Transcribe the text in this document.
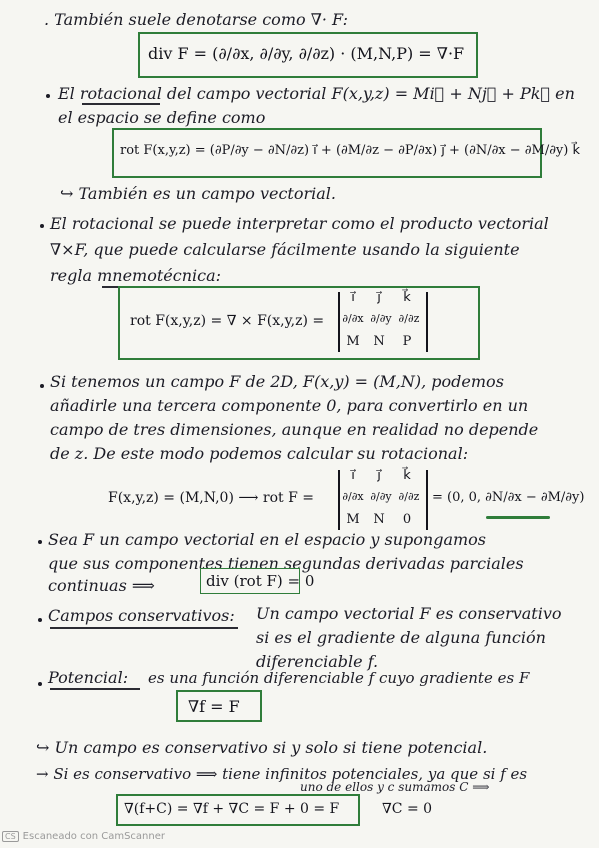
. También suele denotarse como ∇· F:
div F = (∂/∂x, ∂/∂y, ∂/∂z) · (M,N,P) = ∇·F
El rotacional del campo vectorial F(x,y,z) = Mi⃗ + Nj⃗ + Pk⃗ en
el espacio se define como
rot F(x,y,z) = (∂P/∂y − ∂N/∂z) i⃗ + (∂M/∂z − ∂P/∂x) j⃗ + (∂N/∂x − ∂M/∂y) k⃗
↪ También es un campo vectorial.
El rotacional se puede interpretar como el producto vectorial
∇×F, que puede calcularse fácilmente usando la siguiente
regla mnemotécnica:
rot F(x,y,z) = ∇ × F(x,y,z) =
i⃗	j⃗	k⃗
∂/∂x ∂/∂y ∂/∂z
M	N	P
Si tenemos un campo F de 2D, F(x,y) = (M,N), podemos
añadirle una tercera componente 0, para convertirlo en un
campo de tres dimensiones, aunque en realidad no depende
de z. De este modo podemos calcular su rotacional:
F(x,y,z) = (M,N,0) ⟶ rot F =
i⃗	j⃗	k⃗
∂/∂x ∂/∂y ∂/∂z
M	N	0
= (0, 0, ∂N/∂x − ∂M/∂y)
Sea F un campo vectorial en el espacio y supongamos
que sus componentes tienen segundas derivadas parciales
continuas ⟹	div (rot F) = 0
Campos conservativos: Un campo vectorial F es conservativo
si es el gradiente de alguna función
diferenciable f.
Potencial: es una función diferenciable f cuyo gradiente es F
∇f = F
↪ Un campo es conservativo si y solo si tiene potencial.
→ Si es conservativo ⟹ tiene infinitos potenciales, ya que si f es
uno de ellos y c sumamos C ⟹
∇(f+C) = ∇f + ∇C = F + 0 = F	∇C = 0
CS Escaneado con CamScanner
